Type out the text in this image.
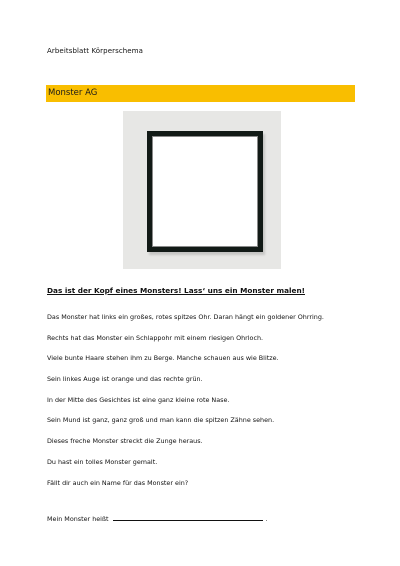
Arbeitsblatt Körperschema
Monster AG
Das ist der Kopf eines Monsters! Lass‘ uns ein Monster malen!
Das Monster hat links ein großes, rotes spitzes Ohr. Daran hängt ein goldener Ohrring.
Rechts hat das Monster ein Schlappohr mit einem riesigen Ohrloch.
Viele bunte Haare stehen ihm zu Berge. Manche schauen aus wie Blitze.
Sein linkes Auge ist orange und das rechte grün.
In der Mitte des Gesichtes ist eine ganz kleine rote Nase.
Sein Mund ist ganz, ganz groß und man kann die spitzen Zähne sehen.
Dieses freche Monster streckt die Zunge heraus.
Du hast ein tolles Monster gemalt.
Fällt dir auch ein Name für das Monster ein?
Mein Monster heißt	.
